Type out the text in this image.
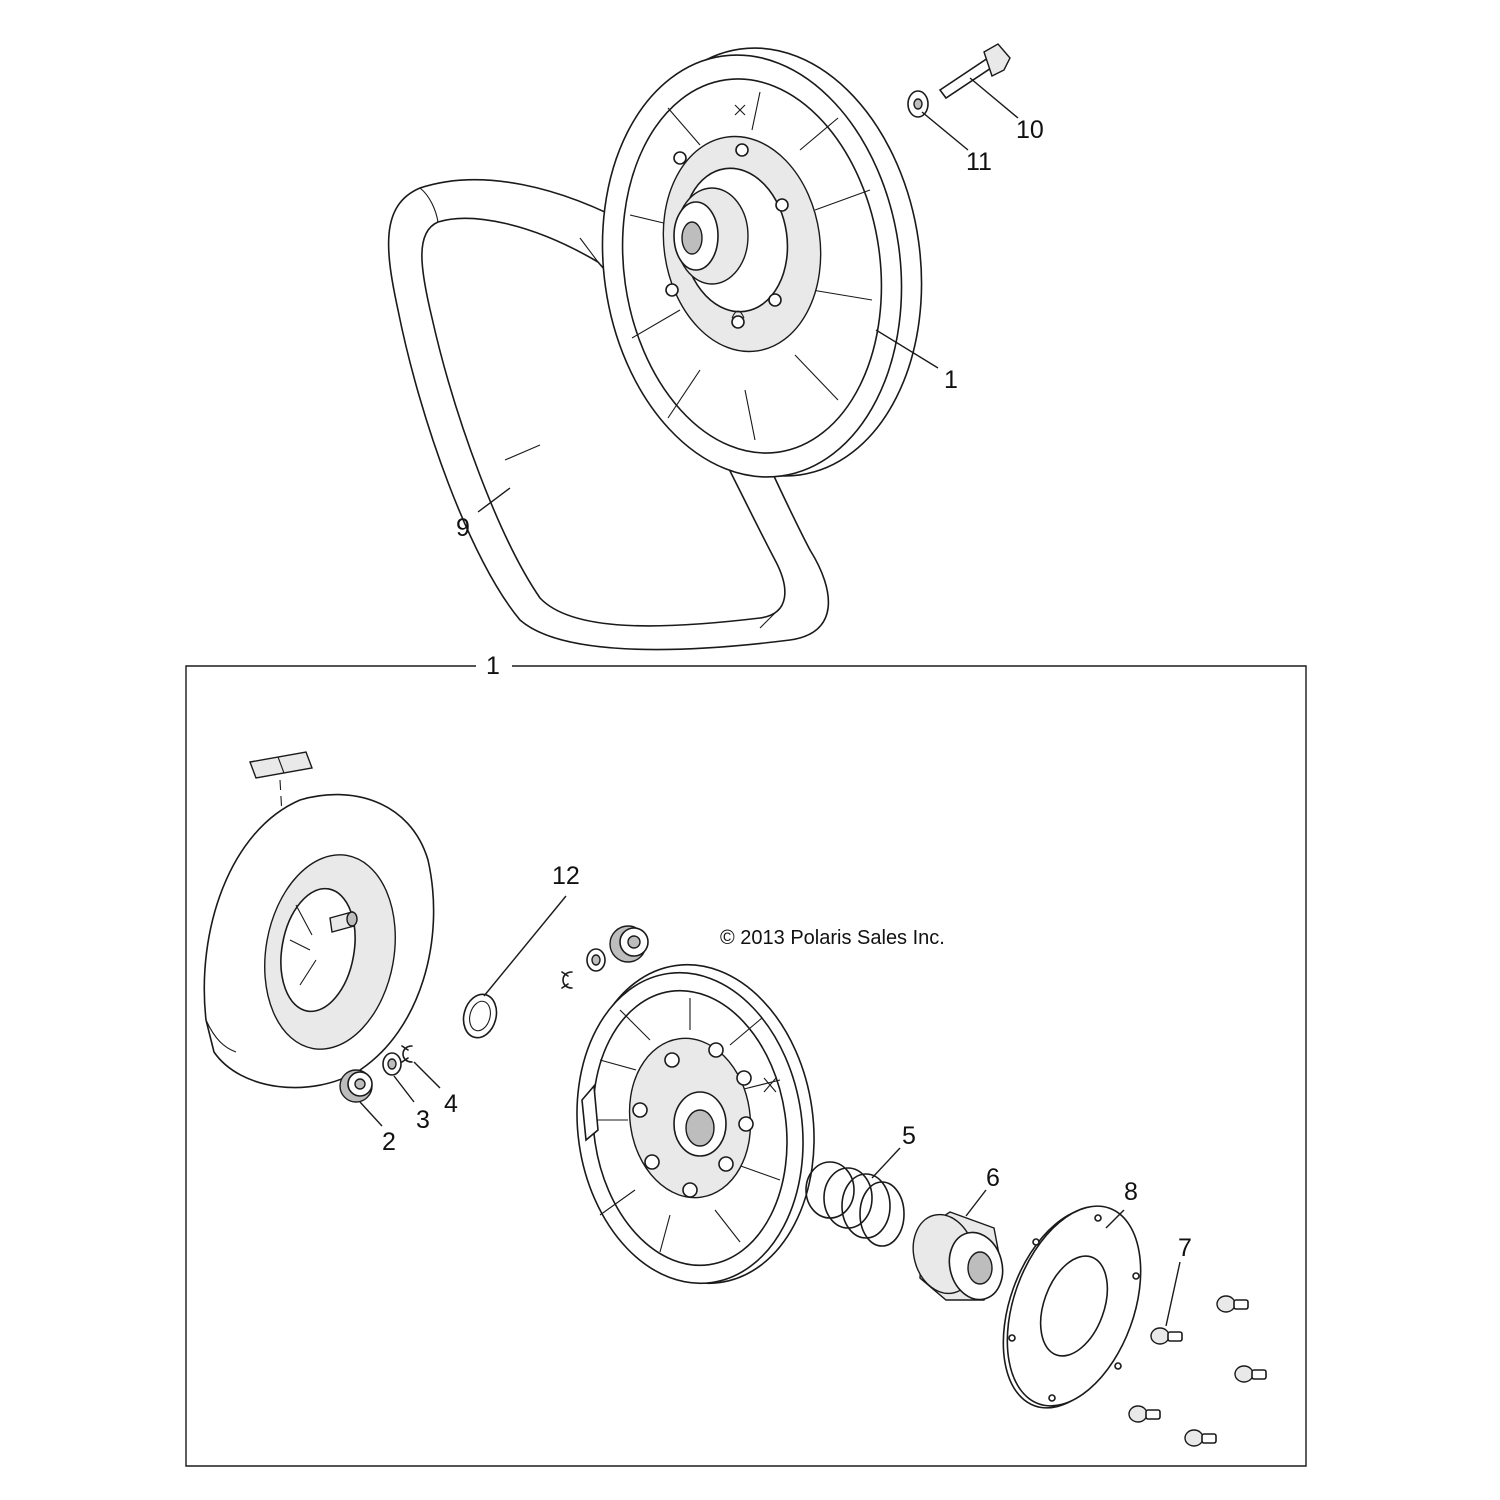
10
11
1
9
1
2
3
4
12
© 2013 Polaris Sales Inc.
5
6	8
7
